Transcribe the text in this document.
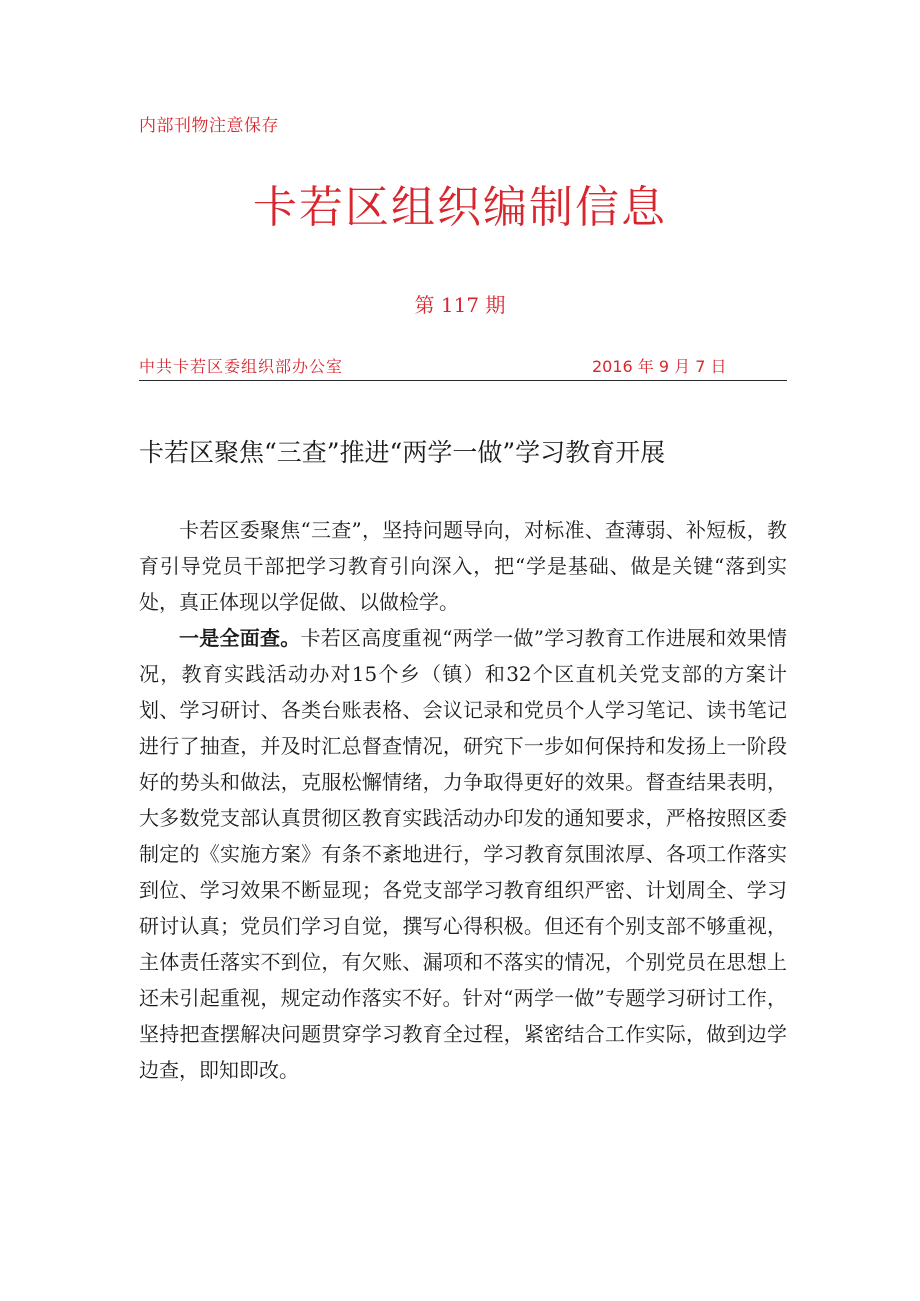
内部刊物注意保存
卡若区组织编制信息
第 117 期
中共卡若区委组织部办公室	2016 年 9 月 7 日
卡若区聚焦“三查”推进“两学一做”学习教育开展

卡若区委聚焦“三查”，坚持问题导向，对标准、查薄弱、补短板，教育引导党员干部把学习教育引向深入，把“学是基础、做是关键“落到实处，真正体现以学促做、以做检学。

一是全面查。卡若区高度重视“两学一做”学习教育工作进展和效果情况，教育实践活动办对15个乡（镇）和32个区直机关党支部的方案计划、学习研讨、各类台账表格、会议记录和党员个人学习笔记、读书笔记进行了抽查，并及时汇总督查情况，研究下一步如何保持和发扬上一阶段好的势头和做法，克服松懈情绪，力争取得更好的效果。督查结果表明，大多数党支部认真贯彻区教育实践活动办印发的通知要求，严格按照区委制定的《实施方案》有条不紊地进行，学习教育氛围浓厚、各项工作落实到位、学习效果不断显现；各党支部学习教育组织严密、计划周全、学习研讨认真；党员们学习自觉，撰写心得积极。但还有个别支部不够重视，主体责任落实不到位，有欠账、漏项和不落实的情况，个别党员在思想上还未引起重视，规定动作落实不好。针对“两学一做”专题学习研讨工作，坚持把查摆解决问题贯穿学习教育全过程，紧密结合工作实际，做到边学边查，即知即改。
